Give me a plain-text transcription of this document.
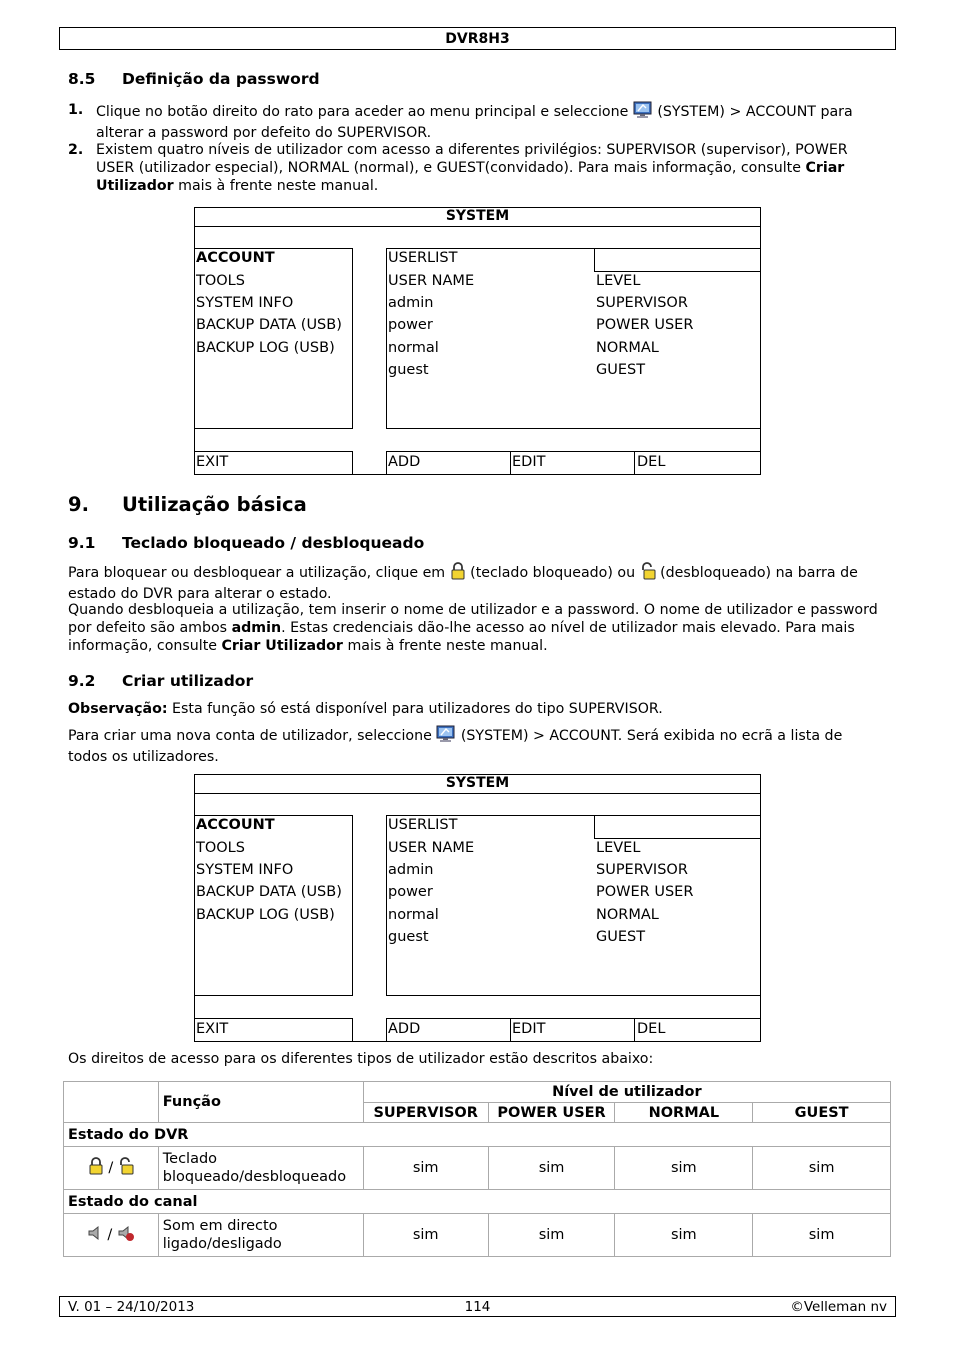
DVR8H3
8.5 Definição da password
1. Clique no botão direito do rato para aceder ao menu principal e seleccione (SYSTEM) > ACCOUNT para alterar a password por defeito do SUPERVISOR.
2. Existem quatro níveis de utilizador com acesso a diferentes privilégios: SUPERVISOR (supervisor), POWER USER (utilizador especial), NORMAL (normal), e GUEST(convidado). Para mais informação, consulte Criar Utilizador mais à frente neste manual.
SYSTEM
ACCOUNT
TOOLS
SYSTEM INFO
BACKUP DATA (USB)
BACKUP LOG (USB)
USERLIST
USER NAME	LEVEL
admin	SUPERVISOR
power	POWER USER
normal	NORMAL
guest	GUEST
EXIT	ADD	EDIT	DEL
9. Utilização básica
9.1 Teclado bloqueado / desbloqueado

Para bloquear ou desbloquear a utilização, clique em (teclado bloqueado) ou (desbloqueado) na barra de estado do DVR para alterar o estado.

Quando desbloqueia a utilização, tem inserir o nome de utilizador e a password. O nome de utilizador e password por defeito são ambos admin. Estas credenciais dão-lhe acesso ao nível de utilizador mais elevado. Para mais informação, consulte Criar Utilizador mais à frente neste manual.

9.2 Criar utilizador

Observação: Esta função só está disponível para utilizadores do tipo SUPERVISOR.

Para criar uma nova conta de utilizador, seleccione (SYSTEM) > ACCOUNT. Será exibida no ecrã a lista de todos os utilizadores.

SYSTEM
ACCOUNT
TOOLS
SYSTEM INFO
BACKUP DATA (USB)
BACKUP LOG (USB)
USERLIST
USER NAME	LEVEL
admin	SUPERVISOR
power	POWER USER
normal	NORMAL
guest	GUEST
EXIT	ADD	EDIT	DEL

Os direitos de acesso para os diferentes tipos de utilizador estão descritos abaixo:

	Função	Nível de utilizador			
		SUPERVISOR	POWER USER	NORMAL	GUEST
Estado do DVR					
/	Teclado bloqueado/desbloqueado	sim	sim	sim	sim
Estado do canal					
/	Som em directo ligado/desligado	sim	sim	sim	sim
V. 01 – 24/10/2013	114	©Velleman nv
